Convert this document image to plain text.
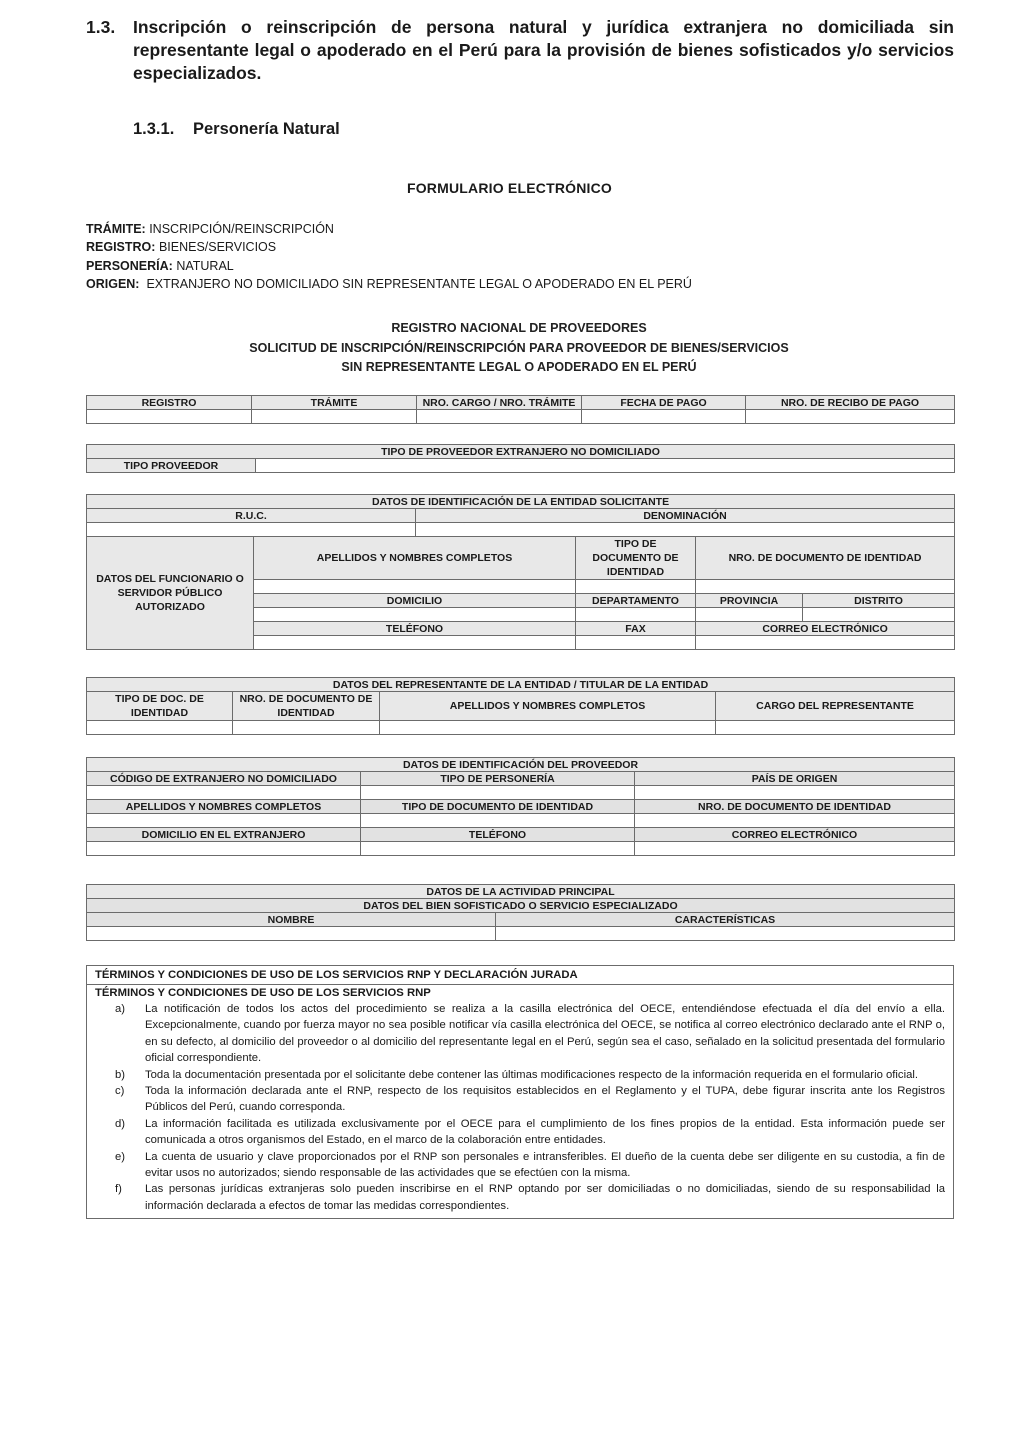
1.3. Inscripción o reinscripción de persona natural y jurídica extranjera no domiciliada sin representante legal o apoderado en el Perú para la provisión de bienes sofisticados y/o servicios especializados.
1.3.1. Personería Natural
FORMULARIO ELECTRÓNICO
TRÁMITE: INSCRIPCIÓN/REINSCRIPCIÓN
REGISTRO: BIENES/SERVICIOS
PERSONERÍA: NATURAL
ORIGEN: EXTRANJERO NO DOMICILIADO SIN REPRESENTANTE LEGAL O APODERADO EN EL PERÚ
REGISTRO NACIONAL DE PROVEEDORES
SOLICITUD DE INSCRIPCIÓN/REINSCRIPCIÓN PARA PROVEEDOR DE BIENES/SERVICIOS
SIN REPRESENTANTE LEGAL O APODERADO EN EL PERÚ
REGISTRO	TRÁMITE	NRO. CARGO / NRO. TRÁMITE	FECHA DE PAGO	NRO. DE RECIBO DE PAGO

TIPO DE PROVEEDOR EXTRANJERO NO DOMICILIADO
TIPO PROVEEDOR	
DATOS DE IDENTIFICACIÓN DE LA ENTIDAD SOLICITANTE					
R.U.C.		DENOMINACIÓN			

DATOS DEL FUNCIONARIO O SERVIDOR PÚBLICO AUTORIZADO	APELLIDOS Y NOMBRES COMPLETOS		TIPO DE DOCUMENTO DE IDENTIDAD	NRO. DE DOCUMENTO DE IDENTIDAD	

	DOMICILIO		DEPARTAMENTO	PROVINCIA	DISTRITO

	TELÉFONO		FAX	CORREO ELECTRÓNICO	

DATOS DEL REPRESENTANTE DE LA ENTIDAD / TITULAR DE LA ENTIDAD			
TIPO DE DOC. DE IDENTIDAD	NRO. DE DOCUMENTO DE IDENTIDAD	APELLIDOS Y NOMBRES COMPLETOS	CARGO DEL REPRESENTANTE

DATOS DE IDENTIFICACIÓN DEL PROVEEDOR		
CÓDIGO DE EXTRANJERO NO DOMICILIADO	TIPO DE PERSONERÍA	PAÍS DE ORIGEN

APELLIDOS Y NOMBRES COMPLETOS	TIPO DE DOCUMENTO DE IDENTIDAD	NRO. DE DOCUMENTO DE IDENTIDAD

DOMICILIO EN EL EXTRANJERO	TELÉFONO	CORREO ELECTRÓNICO

DATOS DE LA ACTIVIDAD PRINCIPAL	
DATOS DEL BIEN SOFISTICADO O SERVICIO ESPECIALIZADO	
NOMBRE	CARACTERÍSTICAS

TÉRMINOS Y CONDICIONES DE USO DE LOS SERVICIOS RNP Y DECLARACIÓN JURADA
TÉRMINOS Y CONDICIONES DE USO DE LOS SERVICIOS RNP
a)	La notificación de todos los actos del procedimiento se realiza a la casilla electrónica del OECE, entendiéndose efectuada el día del envío a ella. Excepcionalmente, cuando por fuerza mayor no sea posible notificar vía casilla electrónica del OECE, se notifica al correo electrónico declarado ante el RNP o, en su defecto, al domicilio del proveedor o al domicilio del representante legal en el Perú, según sea el caso, señalado en la solicitud presentada del formulario oficial correspondiente.
b)	Toda la documentación presentada por el solicitante debe contener las últimas modificaciones respecto de la información requerida en el formulario oficial.
c)	Toda la información declarada ante el RNP, respecto de los requisitos establecidos en el Reglamento y el TUPA, debe figurar inscrita ante los Registros Públicos del Perú, cuando corresponda.
d)	La información facilitada es utilizada exclusivamente por el OECE para el cumplimiento de los fines propios de la entidad. Esta información puede ser comunicada a otros organismos del Estado, en el marco de la colaboración entre entidades.
e)	La cuenta de usuario y clave proporcionados por el RNP son personales e intransferibles. El dueño de la cuenta debe ser diligente en su custodia, a fin de evitar usos no autorizados; siendo responsable de las actividades que se efectúen con la misma.
f)	Las personas jurídicas extranjeras solo pueden inscribirse en el RNP optando por ser domiciliadas o no domiciliadas, siendo de su responsabilidad la información declarada a efectos de tomar las medidas correspondientes.
